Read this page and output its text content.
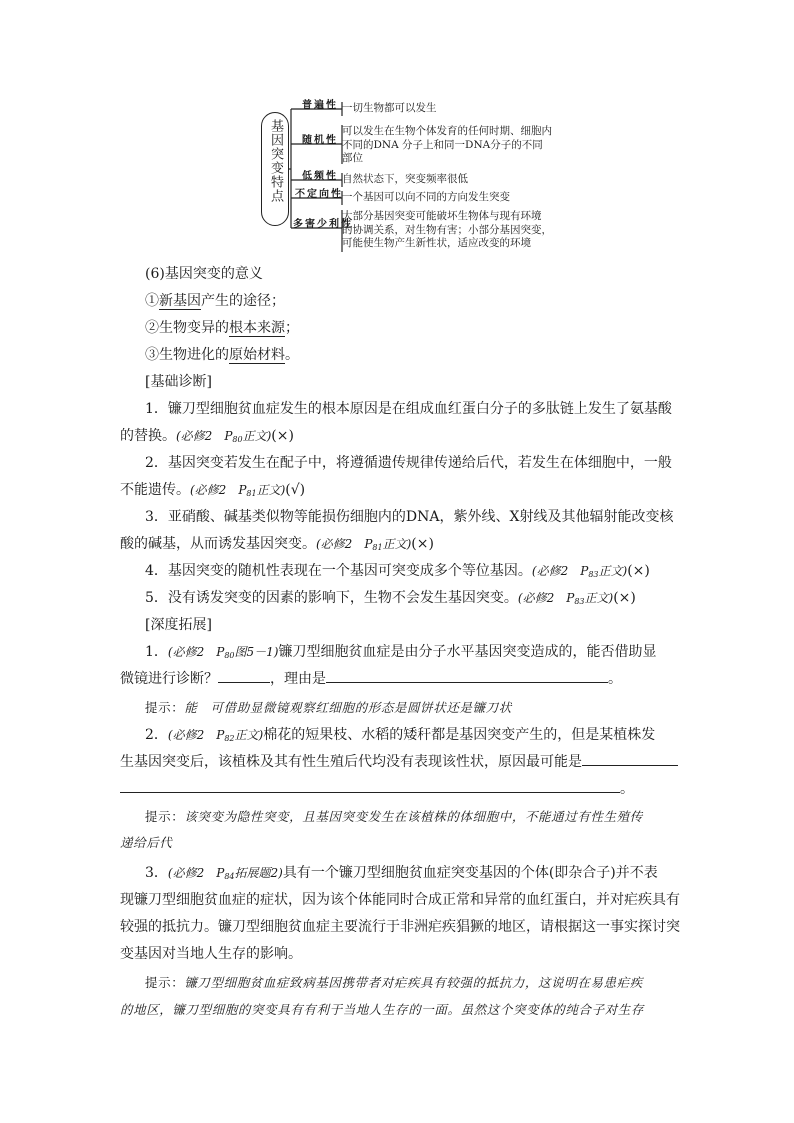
基因突变特点
普遍性
随机性
低频性
不定向性
多害少利性
一切生物都可以发生
可以发生在生物个体发育的任何时期、细胞内
不同的DNA 分子上和同一DNA分子的不同
部位
自然状态下，突变频率很低
一个基因可以向不同的方向发生突变
大部分基因突变可能破坏生物体与现有环境
的协调关系，对生物有害；小部分基因突变，
可能使生物产生新性状，适应改变的环境
(6)基因突变的意义
①新基因产生的途径；
②生物变异的根本来源；
③生物进化的原始材料。
[基础诊断]
1．镰刀型细胞贫血症发生的根本原因是在组成血红蛋白分子的多肽链上发生了氨基酸
的替换。(必修2　$P_{80}$正文)(×)
2．基因突变若发生在配子中，将遵循遗传规律传递给后代，若发生在体细胞中，一般
不能遗传。(必修2　$P_{81}$正文)(√)
3．亚硝酸、碱基类似物等能损伤细胞内的DNA，紫外线、X射线及其他辐射能改变核
酸的碱基，从而诱发基因突变。(必修2　$P_{81}$正文)(×)
4．基因突变的随机性表现在一个基因可突变成多个等位基因。(必修2　$P_{83}$正文)(×)
5．没有诱发突变的因素的影响下，生物不会发生基因突变。(必修2　$P_{83}$正文)(×)
[深度拓展]
1．(必修2　$P_{80}$图5－1)镰刀型细胞贫血症是由分子水平基因突变造成的，能否借助显
微镜进行诊断？	，理由是	。
提示：能　可借助显微镜观察红细胞的形态是圆饼状还是镰刀状
2．(必修2　$P_{82}$正文)棉花的短果枝、水稻的矮秆都是基因突变产生的，但是某植株发
生基因突变后，该植株及其有性生殖后代均没有表现该性状，原因最可能是
。
提示：该突变为隐性突变，且基因突变发生在该植株的体细胞中，不能通过有性生殖传
递给后代
3．(必修2　$P_{84}$拓展题2)具有一个镰刀型细胞贫血症突变基因的个体(即杂合子)并不表
现镰刀型细胞贫血症的症状，因为该个体能同时合成正常和异常的血红蛋白，并对疟疾具有
较强的抵抗力。镰刀型细胞贫血症主要流行于非洲疟疾猖獗的地区，请根据这一事实探讨突
变基因对当地人生存的影响。
提示：镰刀型细胞贫血症致病基因携带者对疟疾具有较强的抵抗力，这说明在易患疟疾
的地区，镰刀型细胞的突变具有有利于当地人生存的一面。虽然这个突变体的纯合子对生存
